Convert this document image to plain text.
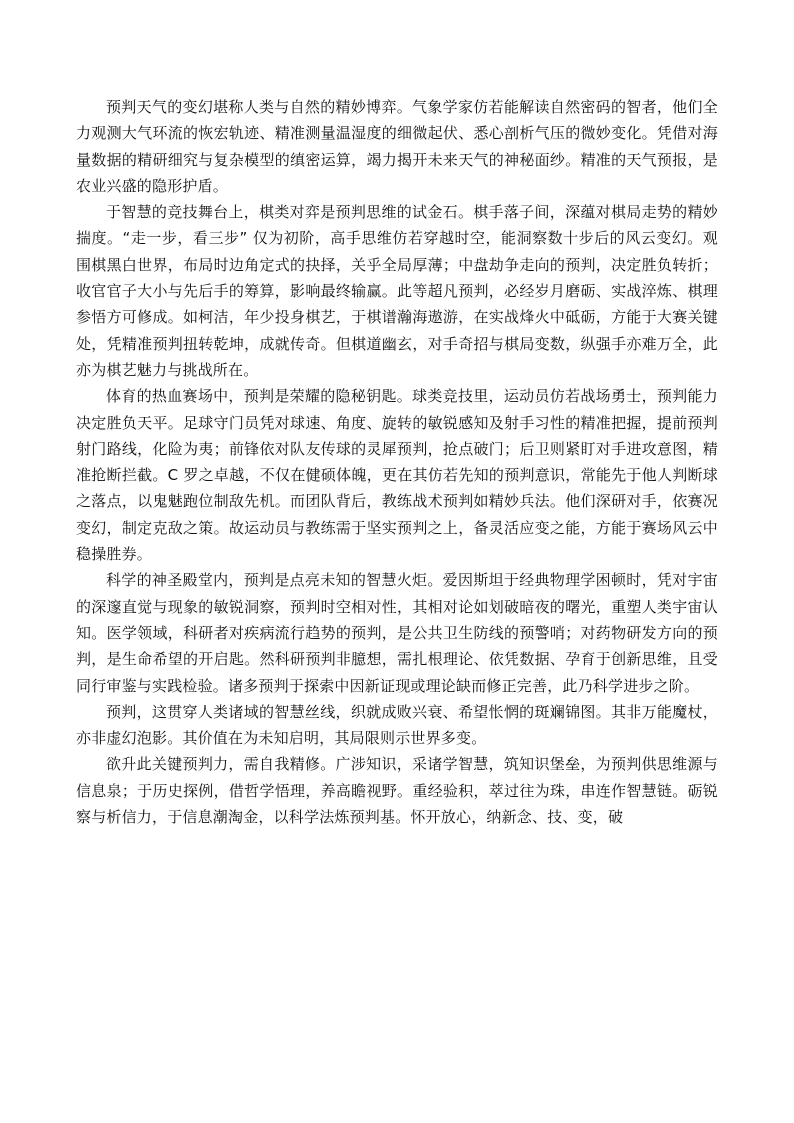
预判天气的变幻堪称人类与自然的精妙博弈。气象学家仿若能解读自然密码的智者，他们全力观测大气环流的恢宏轨迹、精准测量温湿度的细微起伏、悉心剖析气压的微妙变化。凭借对海量数据的精研细究与复杂模型的缜密运算，竭力揭开未来天气的神秘面纱。精准的天气预报，是农业兴盛的隐形护盾。

于智慧的竞技舞台上，棋类对弈是预判思维的试金石。棋手落子间，深蕴对棋局走势的精妙揣度。“走一步，看三步” 仅为初阶，高手思维仿若穿越时空，能洞察数十步后的风云变幻。观围棋黑白世界，布局时边角定式的抉择，关乎全局厚薄；中盘劫争走向的预判，决定胜负转折；收官官子大小与先后手的筹算，影响最终输赢。此等超凡预判，必经岁月磨砺、实战淬炼、棋理参悟方可修成。如柯洁，年少投身棋艺，于棋谱瀚海遨游，在实战烽火中砥砺，方能于大赛关键处，凭精准预判扭转乾坤，成就传奇。但棋道幽玄，对手奇招与棋局变数，纵强手亦难万全，此亦为棋艺魅力与挑战所在。

体育的热血赛场中，预判是荣耀的隐秘钥匙。球类竞技里，运动员仿若战场勇士，预判能力决定胜负天平。足球守门员凭对球速、角度、旋转的敏锐感知及射手习性的精准把握，提前预判射门路线，化险为夷；前锋依对队友传球的灵犀预判，抢点破门；后卫则紧盯对手进攻意图，精准抢断拦截。C 罗之卓越，不仅在健硕体魄，更在其仿若先知的预判意识，常能先于他人判断球之落点，以鬼魅跑位制敌先机。而团队背后，教练战术预判如精妙兵法。他们深研对手，依赛况变幻，制定克敌之策。故运动员与教练需于坚实预判之上，备灵活应变之能，方能于赛场风云中稳操胜券。

科学的神圣殿堂内，预判是点亮未知的智慧火炬。爱因斯坦于经典物理学困顿时，凭对宇宙的深邃直觉与现象的敏锐洞察，预判时空相对性，其相对论如划破暗夜的曙光，重塑人类宇宙认知。医学领域，科研者对疾病流行趋势的预判，是公共卫生防线的预警哨；对药物研发方向的预判，是生命希望的开启匙。然科研预判非臆想，需扎根理论、依凭数据、孕育于创新思维，且受同行审鉴与实践检验。诸多预判于探索中因新证现或理论缺而修正完善，此乃科学进步之阶。

预判，这贯穿人类诸域的智慧丝线，织就成败兴衰、希望怅惘的斑斓锦图。其非万能魔杖，亦非虚幻泡影。其价值在为未知启明，其局限则示世界多变。

欲升此关键预判力，需自我精修。广涉知识，采诸学智慧，筑知识堡垒，为预判供思维源与信息泉；于历史探例，借哲学悟理，养高瞻视野。重经验积，萃过往为珠，串连作智慧链。砺锐察与析信力，于信息潮淘金，以科学法炼预判基。怀开放心，纳新念、技、变，破
